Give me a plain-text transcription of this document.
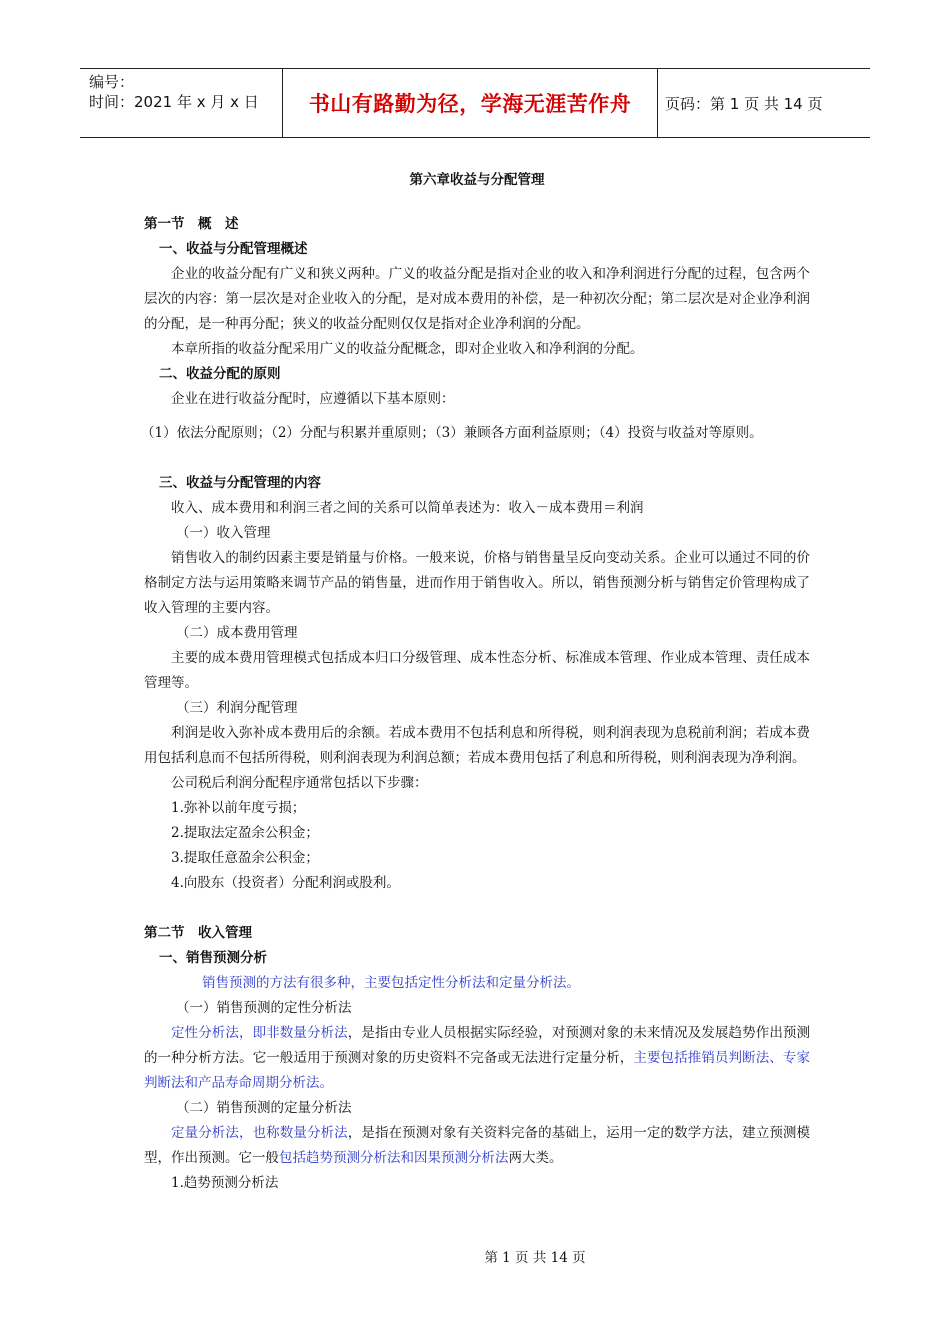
编号：
时间：2021 年 x 月 x 日	书山有路勤为径，学海无涯苦作舟	页码：第 1 页 共 14 页
第六章收益与分配管理
第一节　概　述
一、收益与分配管理概述

企业的收益分配有广义和狭义两种。广义的收益分配是指对企业的收入和净利润进行分配的过程，包含两个层次的内容：第一层次是对企业收入的分配，是对成本费用的补偿，是一种初次分配；第二层次是对企业净利润的分配，是一种再分配；狭义的收益分配则仅仅是指对企业净利润的分配。

本章所指的收益分配采用广义的收益分配概念，即对企业收入和净利润的分配。

二、收益分配的原则

企业在进行收益分配时，应遵循以下基本原则：

（1）依法分配原则；（2）分配与积累并重原则；（3）兼顾各方面利益原则；（4）投资与收益对等原则。

三、收益与分配管理的内容

收入、成本费用和利润三者之间的关系可以简单表述为：收入－成本费用＝利润

（一）收入管理

销售收入的制约因素主要是销量与价格。一般来说，价格与销售量呈反向变动关系。企业可以通过不同的价格制定方法与运用策略来调节产品的销售量，进而作用于销售收入。所以，销售预测分析与销售定价管理构成了收入管理的主要内容。

（二）成本费用管理

主要的成本费用管理模式包括成本归口分级管理、成本性态分析、标准成本管理、作业成本管理、责任成本管理等。

（三）利润分配管理

利润是收入弥补成本费用后的余额。若成本费用不包括利息和所得税，则利润表现为息税前利润；若成本费用包括利息而不包括所得税，则利润表现为利润总额；若成本费用包括了利息和所得税，则利润表现为净利润。

公司税后利润分配程序通常包括以下步骤：

1.弥补以前年度亏损；

2.提取法定盈余公积金；

3.提取任意盈余公积金；

4.向股东（投资者）分配利润或股利。

第二节　收入管理
一、销售预测分析

销售预测的方法有很多种，主要包括定性分析法和定量分析法。

（一）销售预测的定性分析法

定性分析法，即非数量分析法，是指由专业人员根据实际经验，对预测对象的未来情况及发展趋势作出预测的一种分析方法。它一般适用于预测对象的历史资料不完备或无法进行定量分析，主要包括推销员判断法、专家判断法和产品寿命周期分析法。

（二）销售预测的定量分析法

定量分析法，也称数量分析法，是指在预测对象有关资料完备的基础上，运用一定的数学方法，建立预测模型，作出预测。它一般包括趋势预测分析法和因果预测分析法两大类。

1.趋势预测分析法

第 1 页 共 14 页
